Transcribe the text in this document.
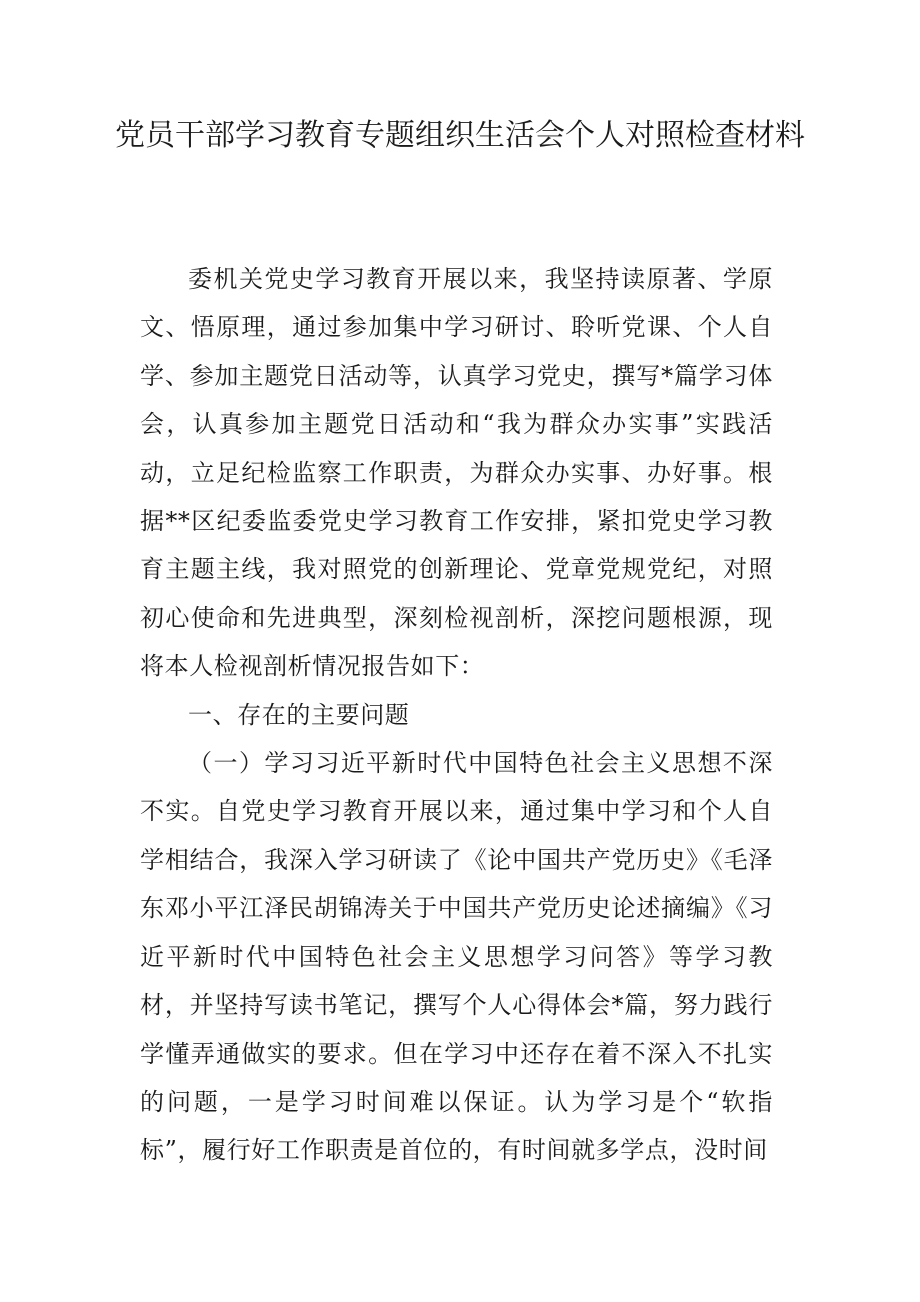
党员干部学习教育专题组织生活会个人对照检查材料

委机关党史学习教育开展以来，我坚持读原著、学原文、悟原理，通过参加集中学习研讨、聆听党课、个人自学、参加主题党日活动等，认真学习党史，撰写*篇学习体会，认真参加主题党日活动和“我为群众办实事”实践活动，立足纪检监察工作职责，为群众办实事、办好事。根据**区纪委监委党史学习教育工作安排，紧扣党史学习教育主题主线，我对照党的创新理论、党章党规党纪，对照初心使命和先进典型，深刻检视剖析，深挖问题根源，现将本人检视剖析情况报告如下：

一、存在的主要问题

（一）学习习近平新时代中国特色社会主义思想不深不实。自党史学习教育开展以来，通过集中学习和个人自学相结合，我深入学习研读了《论中国共产党历史》《毛泽东邓小平江泽民胡锦涛关于中国共产党历史论述摘编》《习近平新时代中国特色社会主义思想学习问答》等学习教材，并坚持写读书笔记，撰写个人心得体会*篇，努力践行学懂弄通做实的要求。但在学习中还存在着不深入不扎实的问题，一是学习时间难以保证。认为学习是个“软指标”，履行好工作职责是首位的，有时间就多学点，没时间
